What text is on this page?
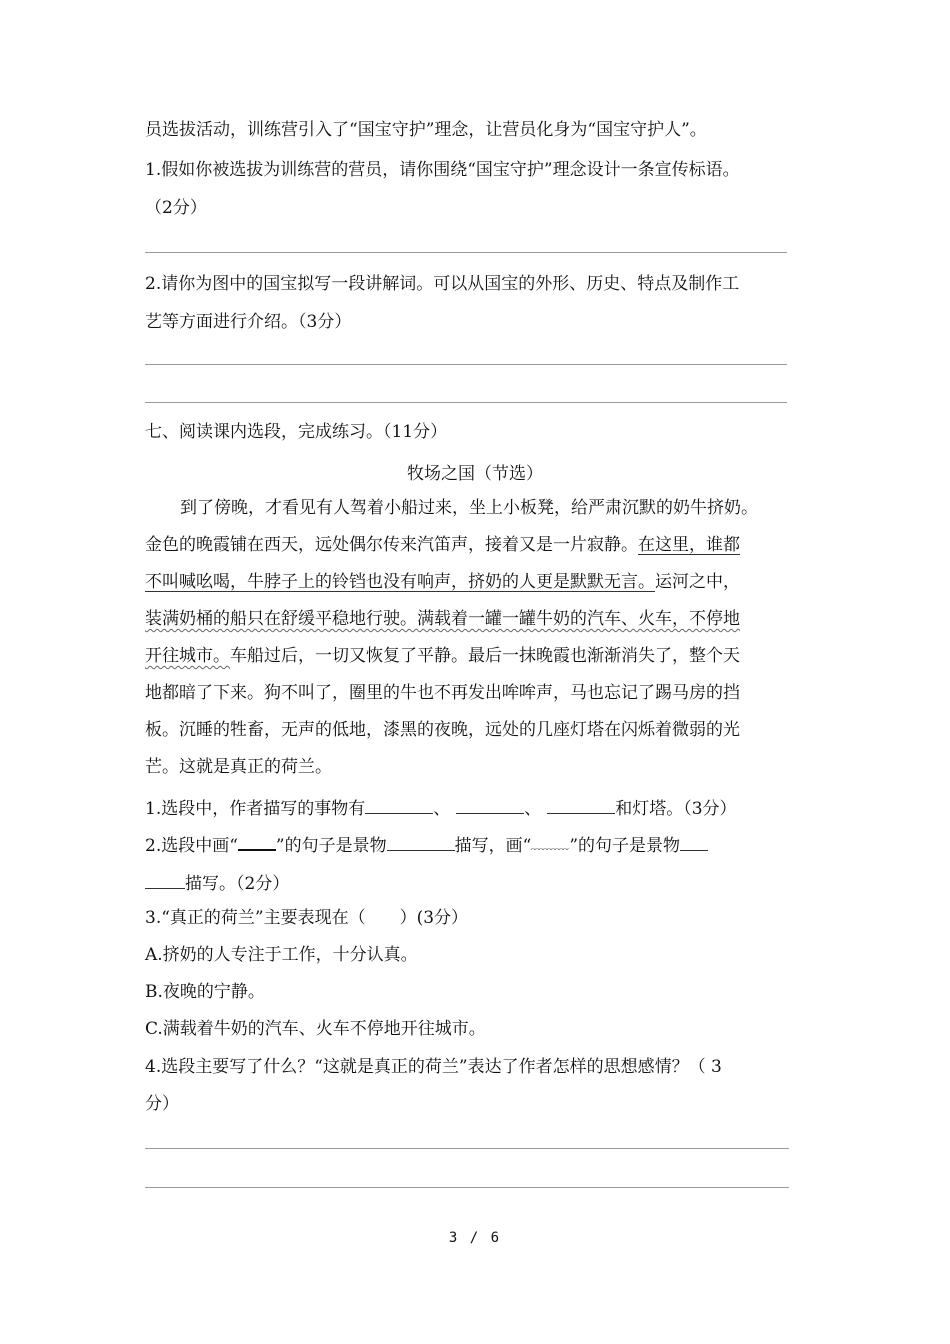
员选拔活动，训练营引入了“国宝守护”理念，让营员化身为“国宝守护人”。
1.假如你被选拔为训练营的营员，请你围绕“国宝守护”理念设计一条宣传标语。
（2分）
2.请你为图中的国宝拟写一段讲解词。可以从国宝的外形、历史、特点及制作工
艺等方面进行介绍。（3分）
七、阅读课内选段，完成练习。（11分）
牧场之国（节选）
到了傍晚，才看见有人驾着小船过来，坐上小板凳，给严肃沉默的奶牛挤奶。
金色的晚霞铺在西天，远处偶尔传来汽笛声，接着又是一片寂静。在这里，谁都
不叫喊吆喝，牛脖子上的铃铛也没有响声，挤奶的人更是默默无言。运河之中，
装满奶桶的船只在舒缓平稳地行驶。满载着一罐一罐牛奶的汽车、火车，不停地
开往城市。车船过后，一切又恢复了平静。最后一抹晚霞也渐渐消失了，整个天
地都暗了下来。狗不叫了，圈里的牛也不再发出哞哞声，马也忘记了踢马房的挡
板。沉睡的牲畜，无声的低地，漆黑的夜晚，远处的几座灯塔在闪烁着微弱的光
芒。这就是真正的荷兰。
1.选段中，作者描写的事物有	、	、	和灯塔。（3分）
2.选段中画“ ”的句子是景物	描写，画“ ”的句子是景物
描写。（2分）
3.“真正的荷兰”主要表现在（　　）(3分）
A.挤奶的人专注于工作，十分认真。
B.夜晚的宁静。
C.满载着牛奶的汽车、火车不停地开往城市。
4.选段主要写了什么？“这就是真正的荷兰”表达了作者怎样的思想感情？（ 3
分）
3 / 6
